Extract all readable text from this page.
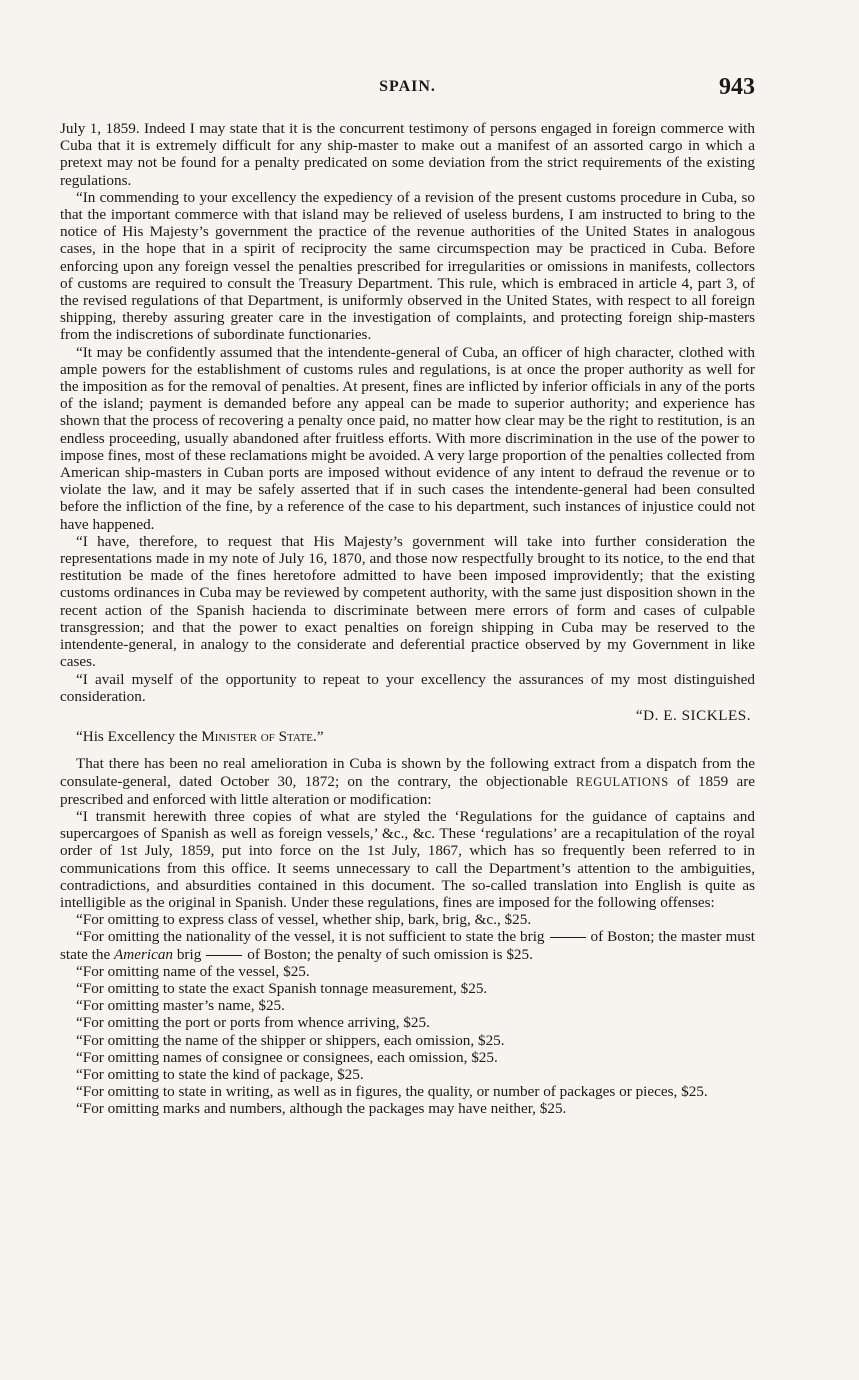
SPAIN.	943

July 1, 1859. Indeed I may state that it is the concurrent testimony of persons engaged in foreign commerce with Cuba that it is extremely difficult for any ship-master to make out a manifest of an assorted cargo in which a pretext may not be found for a penalty predicated on some deviation from the strict requirements of the existing regulations.

“In commending to your excellency the expediency of a revision of the present customs procedure in Cuba, so that the important commerce with that island may be relieved of useless burdens, I am instructed to bring to the notice of His Majesty’s government the practice of the revenue authorities of the United States in analogous cases, in the hope that in a spirit of reciprocity the same circumspection may be practiced in Cuba. Before enforcing upon any foreign vessel the penalties prescribed for irregularities or omissions in manifests, collectors of customs are required to consult the Treasury Department. This rule, which is embraced in article 4, part 3, of the revised regulations of that Department, is uniformly observed in the United States, with respect to all foreign shipping, thereby assuring greater care in the investigation of complaints, and protecting foreign ship-masters from the indiscretions of subordinate functionaries.

“It may be confidently assumed that the intendente-general of Cuba, an officer of high character, clothed with ample powers for the establishment of customs rules and regulations, is at once the proper authority as well for the imposition as for the removal of penalties. At present, fines are inflicted by inferior officials in any of the ports of the island; payment is demanded before any appeal can be made to superior authority; and experience has shown that the process of recovering a penalty once paid, no matter how clear may be the right to restitution, is an endless proceeding, usually abandoned after fruitless efforts. With more discrimination in the use of the power to impose fines, most of these reclamations might be avoided. A very large proportion of the penalties collected from American ship-masters in Cuban ports are imposed without evidence of any intent to defraud the revenue or to violate the law, and it may be safely asserted that if in such cases the intendente-general had been consulted before the infliction of the fine, by a reference of the case to his department, such instances of injustice could not have happened.

“I have, therefore, to request that His Majesty’s government will take into further consideration the representations made in my note of July 16, 1870, and those now respectfully brought to its notice, to the end that restitution be made of the fines heretofore admitted to have been imposed improvidently; that the existing customs ordinances in Cuba may be reviewed by competent authority, with the same just disposition shown in the recent action of the Spanish hacienda to discriminate between mere errors of form and cases of culpable transgression; and that the power to exact penalties on foreign shipping in Cuba may be reserved to the intendente-general, in analogy to the considerate and deferential practice observed by my Government in like cases.

“I avail myself of the opportunity to repeat to your excellency the assurances of my most distinguished consideration.

“D. E. SICKLES.

“His Excellency the Minister of State.”

That there has been no real amelioration in Cuba is shown by the following extract from a dispatch from the consulate-general, dated October 30, 1872; on the contrary, the objectionable REGULATIONS of 1859 are prescribed and enforced with little alteration or modification:

“I transmit herewith three copies of what are styled the ‘Regulations for the guidance of captains and supercargoes of Spanish as well as foreign vessels,’ &c., &c. These ‘regulations’ are a recapitulation of the royal order of 1st July, 1859, put into force on the 1st July, 1867, which has so frequently been referred to in communications from this office. It seems unnecessary to call the Department’s attention to the ambiguities, contradictions, and absurdities contained in this document. The so-called translation into English is quite as intelligible as the original in Spanish. Under these regulations, fines are imposed for the following offenses:

“For omitting to express class of vessel, whether ship, bark, brig, &c., $25.

“For omitting the nationality of the vessel, it is not sufficient to state the brig	of Boston; the master must state the American brig	of Boston; the penalty of such omission is $25.

“For omitting name of the vessel, $25.

“For omitting to state the exact Spanish tonnage measurement, $25.

“For omitting master’s name, $25.

“For omitting the port or ports from whence arriving, $25.

“For omitting the name of the shipper or shippers, each omission, $25.

“For omitting names of consignee or consignees, each omission, $25.

“For omitting to state the kind of package, $25.

“For omitting to state in writing, as well as in figures, the quality, or number of packages or pieces, $25.

“For omitting marks and numbers, although the packages may have neither, $25.
